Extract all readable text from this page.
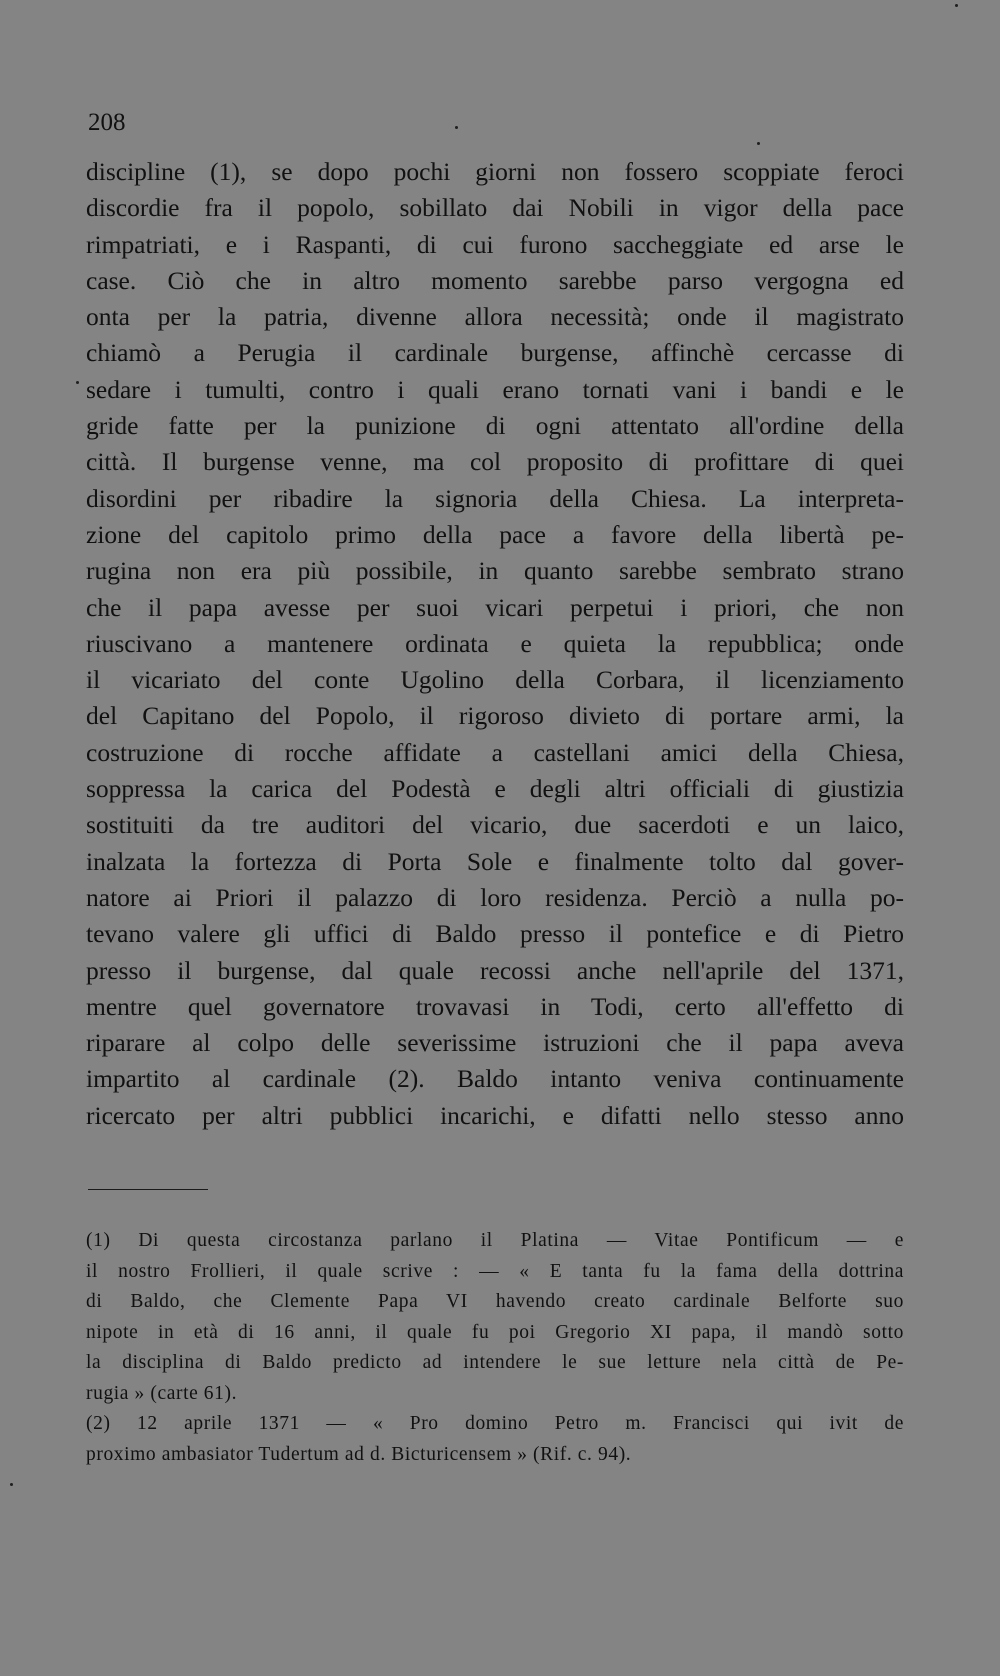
208
discipline (1), se dopo pochi giorni non fossero scoppiate feroci
discordie fra il popolo, sobillato dai Nobili in vigor della pace
rimpatriati, e i Raspanti, di cui furono saccheggiate ed arse le
case. Ciò che in altro momento sarebbe parso vergogna ed
onta per la patria, divenne allora necessità; onde il magistrato
chiamò a Perugia il cardinale burgense, affinchè cercasse di
sedare i tumulti, contro i quali erano tornati vani i bandi e le
gride fatte per la punizione di ogni attentato all'ordine della
città. Il burgense venne, ma col proposito di profittare di quei
disordini per ribadire la signoria della Chiesa. La interpreta-
zione del capitolo primo della pace a favore della libertà pe-
rugina non era più possibile, in quanto sarebbe sembrato strano
che il papa avesse per suoi vicari perpetui i priori, che non
riuscivano a mantenere ordinata e quieta la repubblica; onde
il vicariato del conte Ugolino della Corbara, il licenziamento
del Capitano del Popolo, il rigoroso divieto di portare armi, la
costruzione di rocche affidate a castellani amici della Chiesa,
soppressa la carica del Podestà e degli altri officiali di giustizia
sostituiti da tre auditori del vicario, due sacerdoti e un laico,
inalzata la fortezza di Porta Sole e finalmente tolto dal gover-
natore ai Priori il palazzo di loro residenza. Perciò a nulla po-
tevano valere gli uffici di Baldo presso il pontefice e di Pietro
presso il burgense, dal quale recossi anche nell'aprile del 1371,
mentre quel governatore trovavasi in Todi, certo all'effetto di
riparare al colpo delle severissime istruzioni che il papa aveva
impartito al cardinale (2). Baldo intanto veniva continuamente
ricercato per altri pubblici incarichi, e difatti nello stesso anno
(1) Di questa circostanza parlano il Platina — Vitae Pontificum — e
il nostro Frollieri, il quale scrive : — « E tanta fu la fama della dottrina
di Baldo, che Clemente Papa VI havendo creato cardinale Belforte suo
nipote in età di 16 anni, il quale fu poi Gregorio XI papa, il mandò sotto
la disciplina di Baldo predicto ad intendere le sue letture nela città de Pe-
rugia » (carte 61).
(2) 12 aprile 1371 — « Pro domino Petro m. Francisci qui ivit de
proximo ambasiator Tudertum ad d. Bicturicensem » (Rif. c. 94).
